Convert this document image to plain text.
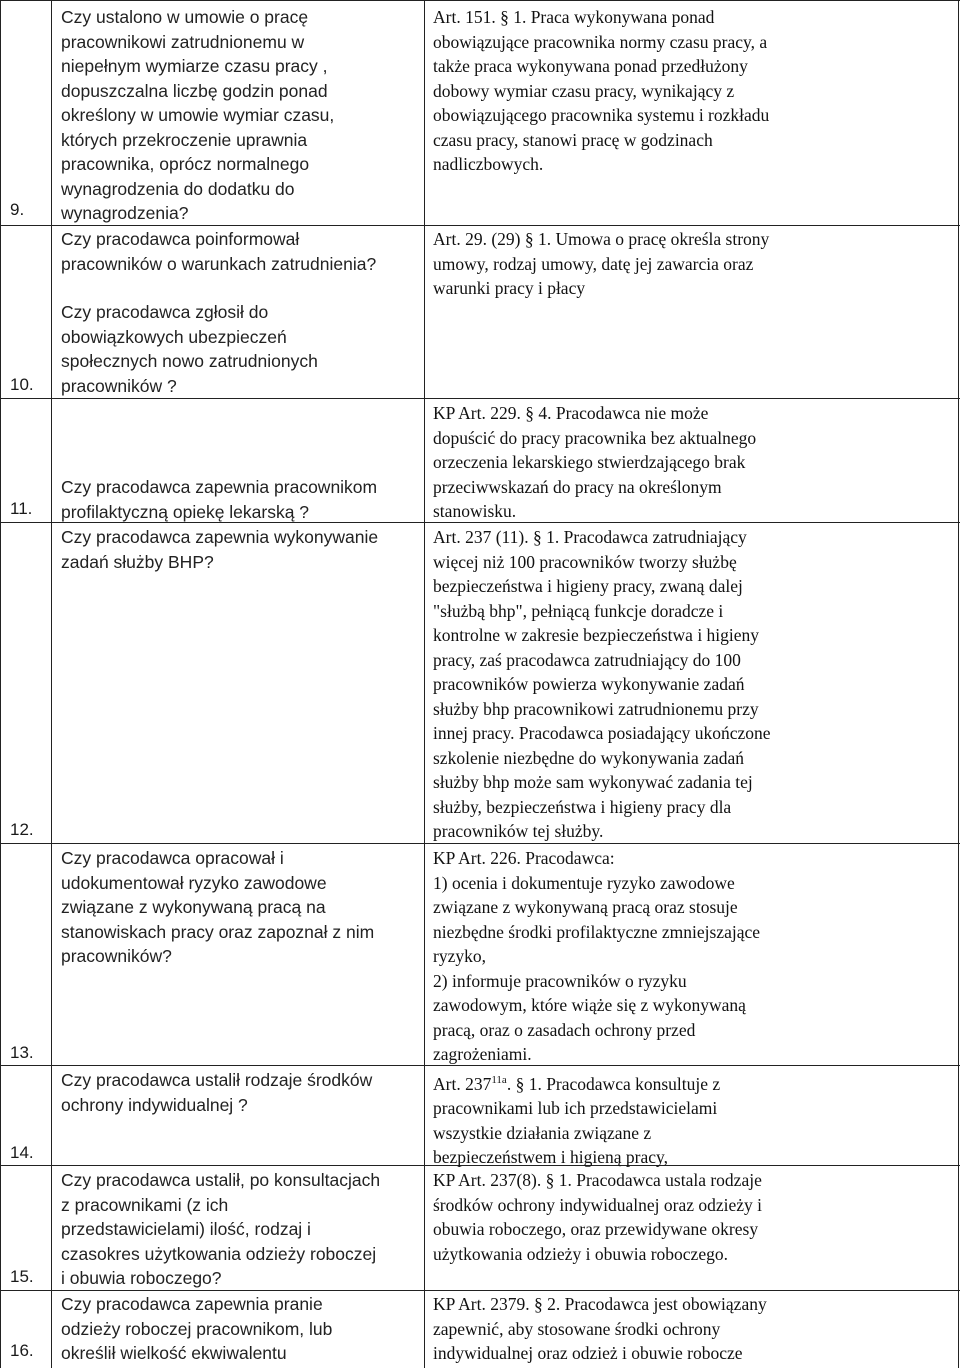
9.
10.
11.
12.
13.
14.
15.
16.
Czy ustalono w umowie o pracę
pracownikowi zatrudnionemu w
niepełnym wymiarze czasu pracy ,
dopuszczalna liczbę godzin ponad
określony w umowie wymiar czasu,
których przekroczenie uprawnia
pracownika, oprócz normalnego
wynagrodzenia do dodatku do
wynagrodzenia?
Czy pracodawca poinformował
pracowników o warunkach zatrudnienia?
Czy pracodawca zgłosił do
obowiązkowych ubezpieczeń
społecznych nowo zatrudnionych
pracowników ?
Czy pracodawca zapewnia pracownikom
profilaktyczną opiekę lekarską ?
Czy pracodawca zapewnia wykonywanie
zadań służby BHP?
Czy pracodawca opracował i
udokumentował ryzyko zawodowe
związane z wykonywaną pracą na
stanowiskach pracy oraz zapoznał z nim
pracowników?
Czy pracodawca ustalił rodzaje środków
ochrony indywidualnej ?
Czy pracodawca ustalił, po konsultacjach
z pracownikami (z ich
przedstawicielami) ilość, rodzaj i
czasokres użytkowania odzieży roboczej
i obuwia roboczego?
Czy pracodawca zapewnia pranie
odzieży roboczej pracownikom, lub
określił wielkość ekwiwalentu
Art. 151. § 1. Praca wykonywana ponad
obowiązujące pracownika normy czasu pracy, a
także praca wykonywana ponad przedłużony
dobowy wymiar czasu pracy, wynikający z
obowiązującego pracownika systemu i rozkładu
czasu pracy, stanowi pracę w godzinach
nadliczbowych.
Art. 29. (29) § 1. Umowa o pracę określa strony
umowy, rodzaj umowy, datę jej zawarcia oraz
warunki pracy i płacy
KP Art. 229. § 4. Pracodawca nie może
dopuścić do pracy pracownika bez aktualnego
orzeczenia lekarskiego stwierdzającego brak
przeciwwskazań do pracy na określonym
stanowisku.
Art. 237 (11). § 1. Pracodawca zatrudniający
więcej niż 100 pracowników tworzy służbę
bezpieczeństwa i higieny pracy, zwaną dalej
"służbą bhp", pełniącą funkcje doradcze i
kontrolne w zakresie bezpieczeństwa i higieny
pracy, zaś pracodawca zatrudniający do 100
pracowników powierza wykonywanie zadań
służby bhp pracownikowi zatrudnionemu przy
innej pracy. Pracodawca posiadający ukończone
szkolenie niezbędne do wykonywania zadań
służby bhp może sam wykonywać zadania tej
służby, bezpieczeństwa i higieny pracy dla
pracowników tej służby.
KP Art. 226. Pracodawca:
1) ocenia i dokumentuje ryzyko zawodowe
związane z wykonywaną pracą oraz stosuje
niezbędne środki profilaktyczne zmniejszające
ryzyko,
2) informuje pracowników o ryzyku
zawodowym, które wiąże się z wykonywaną
pracą, oraz o zasadach ochrony przed
zagrożeniami.
Art. $237^{11a}$. § 1. Pracodawca konsultuje z
pracownikami lub ich przedstawicielami
wszystkie działania związane z
bezpieczeństwem i higieną pracy,
KP Art. 237(8). § 1. Pracodawca ustala rodzaje
środków ochrony indywidualnej oraz odzieży i
obuwia roboczego, oraz przewidywane okresy
użytkowania odzieży i obuwia roboczego.
KP Art. 2379. § 2. Pracodawca jest obowiązany
zapewnić, aby stosowane środki ochrony
indywidualnej oraz odzież i obuwie robocze
